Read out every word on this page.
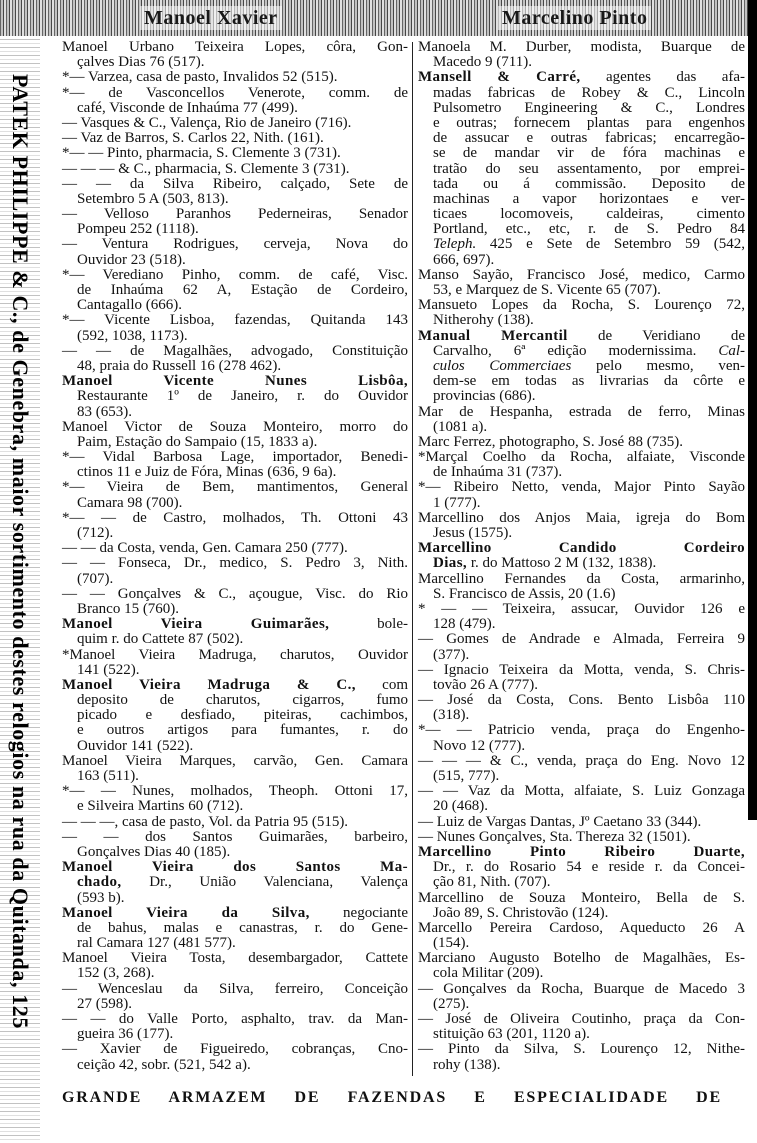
Manoel Xavier	Marcelino Pinto
PATEK PHILIPPE & C., de Genebra, maior sortimento destes relogios na rua da Quitanda, 125
Manoel Urbano Teixeira Lopes, côra, Gon-
çalves Dias 76 (517).
*— Varzea, casa de pasto, Invalidos 52 (515).
*— de Vasconcellos Venerote, comm. de
café, Visconde de Inhaúma 77 (499).
— Vasques & C., Valença, Rio de Janeiro (716).
— Vaz de Barros, S. Carlos 22, Nith. (161).
*— — Pinto, pharmacia, S. Clemente 3 (731).
— — — & C., pharmacia, S. Clemente 3 (731).
— — da Silva Ribeiro, calçado, Sete de
Setembro 5 A (503, 813).
— Velloso Paranhos Pederneiras, Senador
Pompeu 252 (1118).
— Ventura Rodrigues, cerveja, Nova do
Ouvidor 23 (518).
*— Verediano Pinho, comm. de café, Visc.
de Inhaúma 62 A, Estação de Cordeiro,
Cantagallo (666).
*— Vicente Lisboa, fazendas, Quitanda 143
(592, 1038, 1173).
— — de Magalhães, advogado, Constituição
48, praia do Russell 16 (278 462).
Manoel Vicente Nunes Lisbôa,
Restaurante 1º de Janeiro, r. do Ouvidor
83 (653).
Manoel Victor de Souza Monteiro, morro do
Paim, Estação do Sampaio (15, 1833 a).
*— Vidal Barbosa Lage, importador, Benedi-
ctinos 11 e Juiz de Fóra, Minas (636, 9 6a).
*— Vieira de Bem, mantimentos, General
Camara 98 (700).
*— — de Castro, molhados, Th. Ottoni 43
(712).
— — da Costa, venda, Gen. Camara 250 (777).
— — Fonseca, Dr., medico, S. Pedro 3, Nith.
(707).
— — Gonçalves & C., açougue, Visc. do Rio
Branco 15 (760).
Manoel Vieira Guimarães, bole-
quim r. do Cattete 87 (502).
*Manoel Vieira Madruga, charutos, Ouvidor
141 (522).
Manoel Vieira Madruga & C., com
deposito de charutos, cigarros, fumo
picado e desfiado, piteiras, cachimbos,
e outros artigos para fumantes, r. do
Ouvidor 141 (522).
Manoel Vieira Marques, carvão, Gen. Camara
163 (511).
*— — Nunes, molhados, Theoph. Ottoni 17,
e Silveira Martins 60 (712).
— — —, casa de pasto, Vol. da Patria 95 (515).
— — dos Santos Guimarães, barbeiro,
Gonçalves Dias 40 (185).
Manoel Vieira dos Santos Ma-
chado, Dr., União Valenciana, Valença
(593 b).
Manoel Vieira da Silva, negociante
de bahus, malas e canastras, r. do Gene-
ral Camara 127 (481 577).
Manoel Vieira Tosta, desembargador, Cattete
152 (3, 268).
— Wenceslau da Silva, ferreiro, Conceição
27 (598).
— — do Valle Porto, asphalto, trav. da Man-
gueira 36 (177).
— Xavier de Figueiredo, cobranças, Cno-
ceição 42, sobr. (521, 542 a).
Manoela M. Durber, modista, Buarque de
Macedo 9 (711).
Mansell & Carré, agentes das afa-
madas fabricas de Robey & C., Lincoln
Pulsometro Engineering & C., Londres
e outras; fornecem plantas para engenhos
de assucar e outras fabricas; encarregão-
se de mandar vir de fóra machinas e
tratão do seu assentamento, por emprei-
tada ou á commissão. Deposito de
machinas a vapor horizontaes e ver-
ticaes locomoveis, caldeiras, cimento
Portland, etc., etc, r. de S. Pedro 84
Teleph. 425 e Sete de Setembro 59 (542,
666, 697).
Manso Sayão, Francisco José, medico, Carmo
53, e Marquez de S. Vicente 65 (707).
Mansueto Lopes da Rocha, S. Lourenço 72,
Nitherohy (138).
Manual Mercantil de Veridiano de
Carvalho, 6ª edição modernissima. Cal-
culos Commerciaes pelo mesmo, ven-
dem-se em todas as livrarias da côrte e
provincias (686).
Mar de Hespanha, estrada de ferro, Minas
(1081 a).
Marc Ferrez, photographo, S. José 88 (735).
*Marçal Coelho da Rocha, alfaiate, Visconde
de Inhaúma 31 (737).
*— Ribeiro Netto, venda, Major Pinto Sayão
1 (777).
Marcellino dos Anjos Maia, igreja do Bom
Jesus (1575).
Marcellino Candido Cordeiro
Dias, r. do Mattoso 2 M (132, 1838).
Marcellino Fernandes da Costa, armarinho,
S. Francisco de Assis, 20 (1.6)
* — — Teixeira, assucar, Ouvidor 126 e
128 (479).
— Gomes de Andrade e Almada, Ferreira 9
(377).
— Ignacio Teixeira da Motta, venda, S. Chris-
tovão 26 A (777).
— José da Costa, Cons. Bento Lisbôa 110
(318).
*— — Patricio venda, praça do Engenho-
Novo 12 (777).
— — — & C., venda, praça do Eng. Novo 12
(515, 777).
— — Vaz da Motta, alfaiate, S. Luiz Gonzaga
20 (468).
— Luiz de Vargas Dantas, Jº Caetano 33 (344).
— Nunes Gonçalves, Sta. Thereza 32 (1501).
Marcellino Pinto Ribeiro Duarte,
Dr., r. do Rosario 54 e reside r. da Concei-
ção 81, Nith. (707).
Marcellino de Souza Monteiro, Bella de S.
João 89, S. Christovão (124).
Marcello Pereira Cardoso, Aqueducto 26 A
(154).
Marciano Augusto Botelho de Magalhães, Es-
cola Militar (209).
— Gonçalves da Rocha, Buarque de Macedo 3
(275).
— José de Oliveira Coutinho, praça da Con-
stituição 63 (201, 1120 a).
— Pinto da Silva, S. Lourenço 12, Nithe-
rohy (138).
GRANDE ARMAZEM DE FAZENDAS E ESPECIALIDADE DE
